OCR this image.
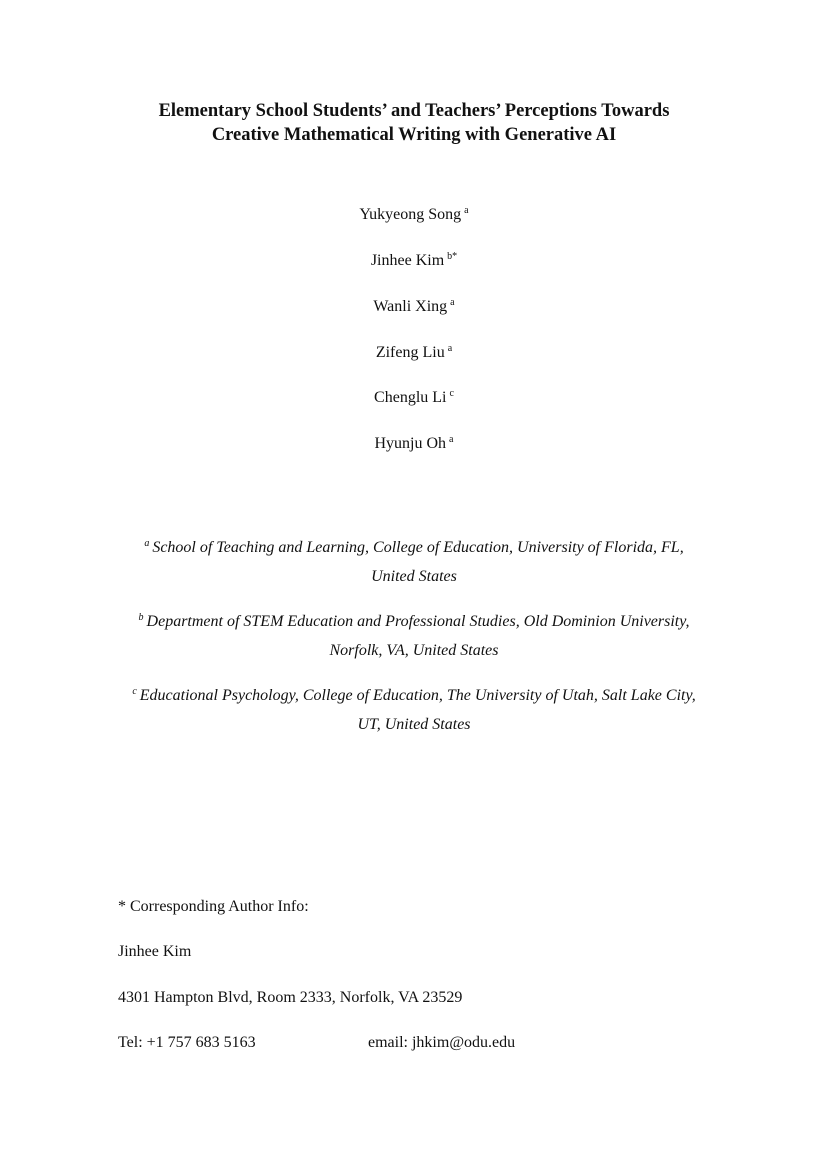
Elementary School Students’ and Teachers’ Perceptions Towards
Creative Mathematical Writing with Generative AI
Yukyeong Song $^a$
Jinhee Kim $^{b*}$
Wanli Xing $^a$
Zifeng Liu $^a$
Chenglu Li $^c$
Hyunju Oh $^a$
$^a$ School of Teaching and Learning, College of Education, University of Florida, FL,
United States
$^b$ Department of STEM Education and Professional Studies, Old Dominion University,
Norfolk, VA, United States
$^c$ Educational Psychology, College of Education, The University of Utah, Salt Lake City,
UT, United States
* Corresponding Author Info:
Jinhee Kim
4301 Hampton Blvd, Room 2333, Norfolk, VA 23529
Tel: +1 757 683 5163	email: jhkim@odu.edu
